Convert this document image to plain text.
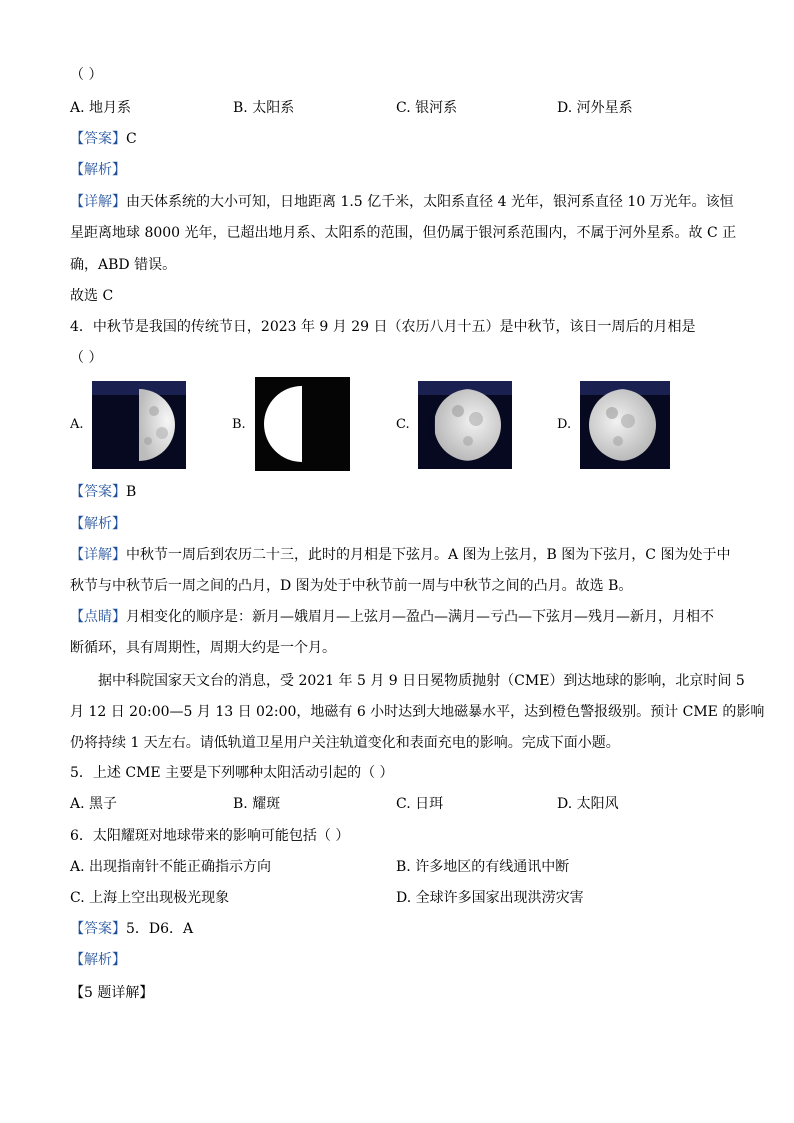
（ ）
A. 地月系	B. 太阳系	C. 银河系	D. 河外星系
【答案】C
【解析】
【详解】由天体系统的大小可知，日地距离 1.5 亿千米，太阳系直径 4 光年，银河系直径 10 万光年。该恒
星距离地球 8000 光年，已超出地月系、太阳系的范围，但仍属于银河系范围内，不属于河外星系。故 C 正
确，ABD 错误。
故选 C
4．中秋节是我国的传统节日，2023 年 9 月 29 日（农历八月十五）是中秋节，该日一周后的月相是
（ ）
A.	B.	C.	D.
【答案】B
【解析】
【详解】中秋节一周后到农历二十三，此时的月相是下弦月。A 图为上弦月，B 图为下弦月，C 图为处于中
秋节与中秋节后一周之间的凸月，D 图为处于中秋节前一周与中秋节之间的凸月。故选 B。
【点睛】月相变化的顺序是：新月—娥眉月—上弦月—盈凸—满月—亏凸—下弦月—残月—新月，月相不
断循环，具有周期性，周期大约是一个月。
据中科院国家天文台的消息，受 2021 年 5 月 9 日日冕物质抛射（CME）到达地球的影响，北京时间 5
月 12 日 20:00—5 月 13 日 02:00，地磁有 6 小时达到大地磁暴水平，达到橙色警报级别。预计 CME 的影响
仍将持续 1 天左右。请低轨道卫星用户关注轨道变化和表面充电的影响。完成下面小题。
5．上述 CME 主要是下列哪种太阳活动引起的（ ）
A. 黑子	B. 耀斑	C. 日珥	D. 太阳风
6．太阳耀斑对地球带来的影响可能包括（ ）
A. 出现指南针不能正确指示方向	B. 许多地区的有线通讯中断
C. 上海上空出现极光现象	D. 全球许多国家出现洪涝灾害
【答案】5．D6．A
【解析】
【5 题详解】
